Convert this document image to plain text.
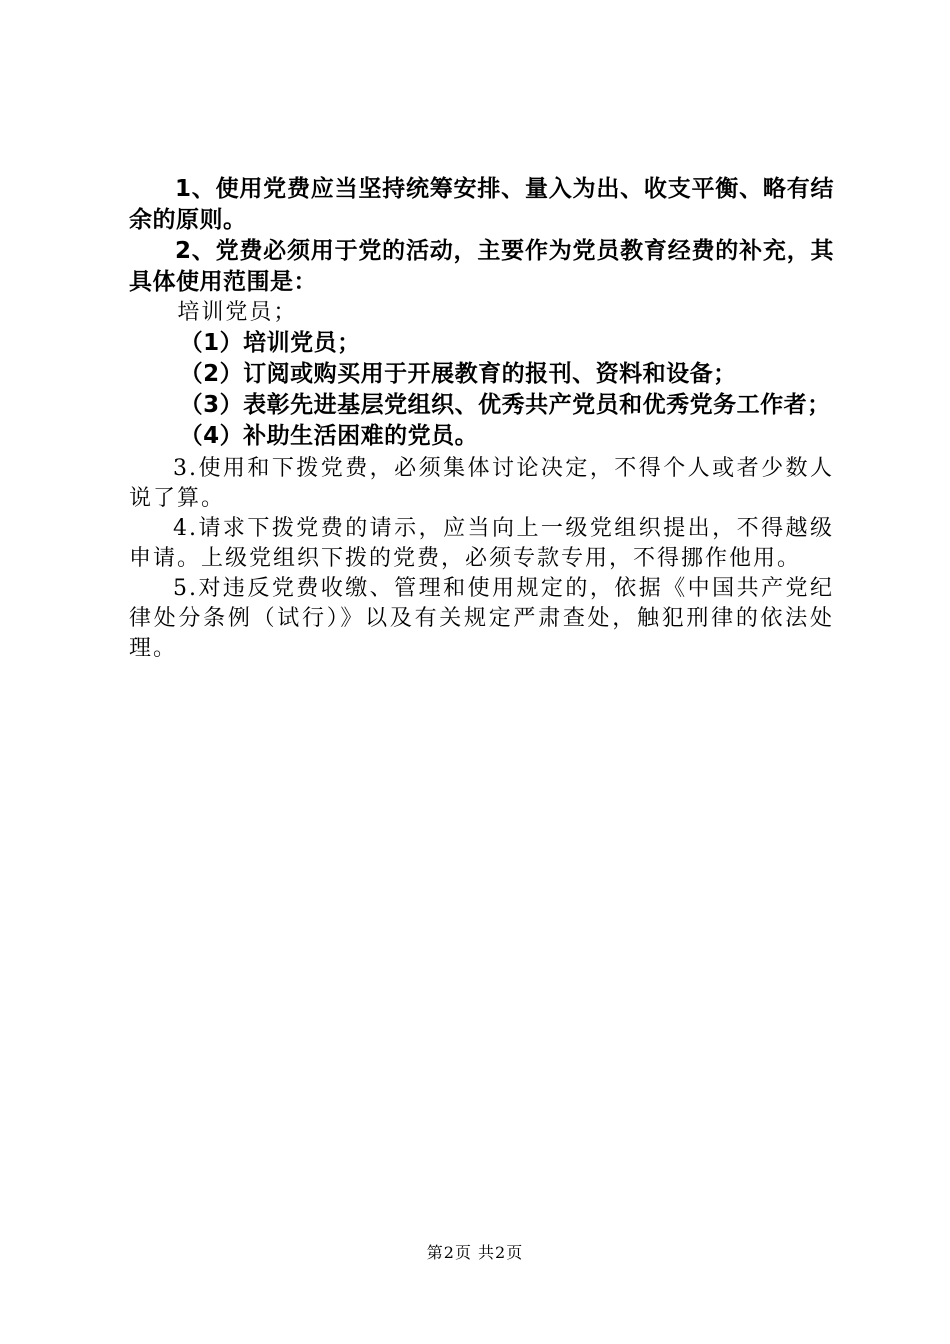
1、使用党费应当坚持统筹安排、量入为出、收支平衡、略有结余的原则。

2、党费必须用于党的活动，主要作为党员教育经费的补充，其具体使用范围是：

培训党员；

（1）培训党员；

（2）订阅或购买用于开展教育的报刊、资料和设备；

（3）表彰先进基层党组织、优秀共产党员和优秀党务工作者；

（4）补助生活困难的党员。

3.使用和下拨党费，必须集体讨论决定，不得个人或者少数人说了算。

4.请求下拨党费的请示，应当向上一级党组织提出，不得越级申请。上级党组织下拨的党费，必须专款专用，不得挪作他用。

5.对违反党费收缴、管理和使用规定的，依据《中国共产党纪律处分条例（试行）》以及有关规定严肃查处，触犯刑律的依法处理。

第2页 共2页
